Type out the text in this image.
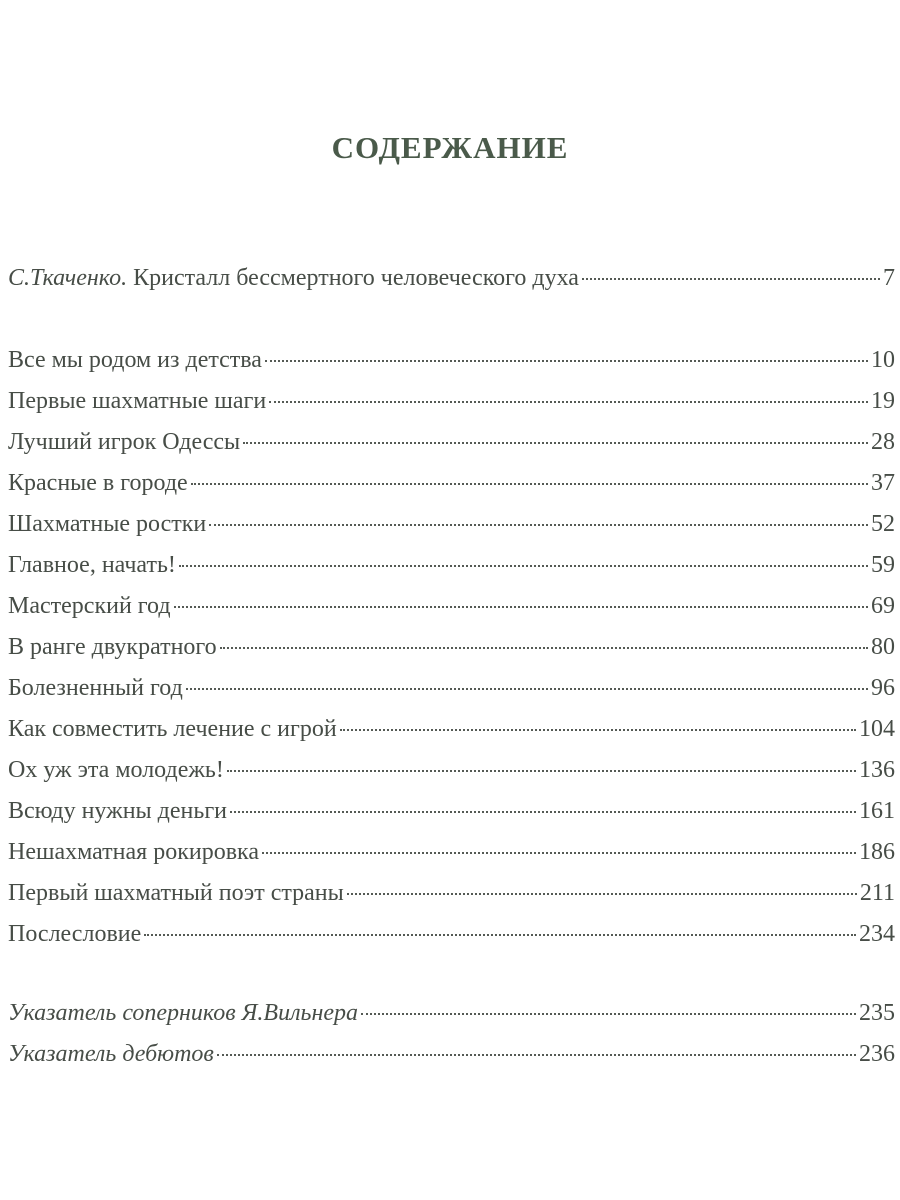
СОДЕРЖАНИЕ
С.Ткаченко. Кристалл бессмертного человеческого духа	7
Все мы родом из детства	10
Первые шахматные шаги	19
Лучший игрок Одессы	28
Красные в городе	37
Шахматные ростки	52
Главное, начать!	59
Мастерский год	69
В ранге двукратного	80
Болезненный год	96
Как совместить лечение с игрой	104
Ох уж эта молодежь!	136
Всюду нужны деньги	161
Нешахматная рокировка	186
Первый шахматный поэт страны	211
Послесловие	234
Указатель соперников Я.Вильнера	235
Указатель дебютов	236
